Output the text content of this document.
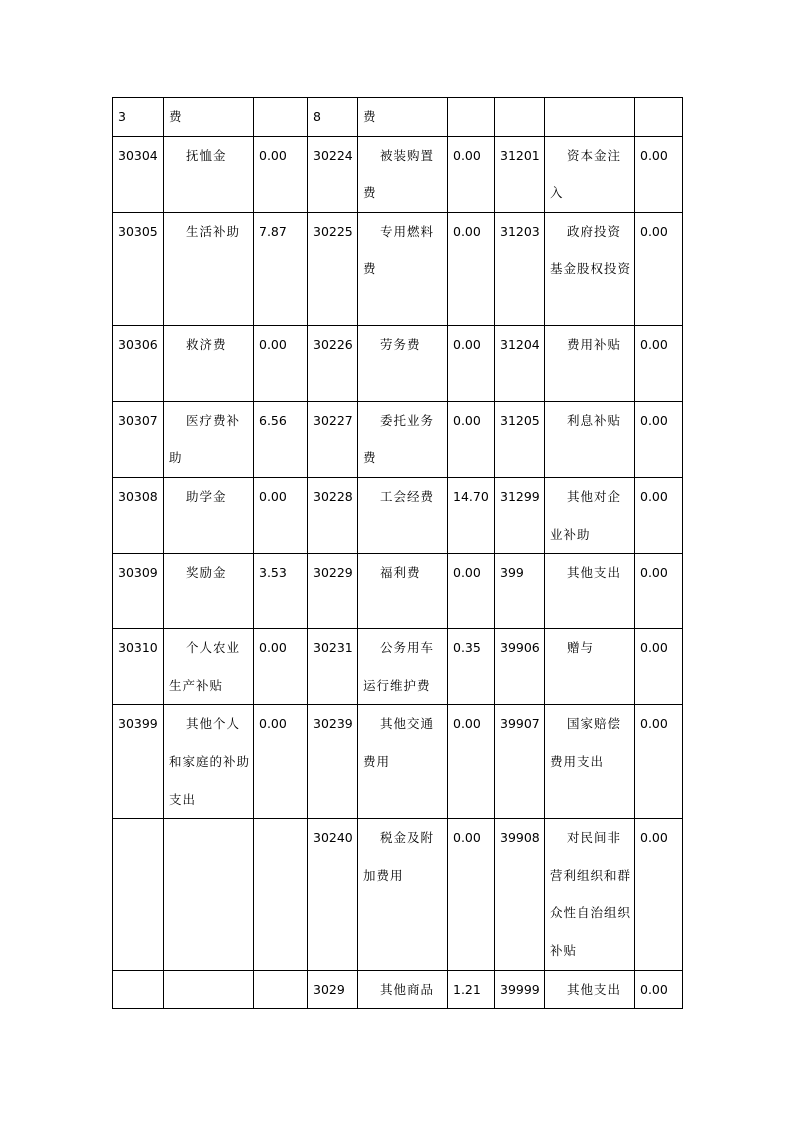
3	费		8	费				
30304	抚恤金	0.00	30224	被装购置费	0.00	31201	资本金注入	0.00
30305	生活补助	7.87	30225	专用燃料费	0.00	31203	政府投资基金股权投资	0.00
30306	救济费	0.00	30226	劳务费	0.00	31204	费用补贴	0.00
30307	医疗费补助	6.56	30227	委托业务费	0.00	31205	利息补贴	0.00
30308	助学金	0.00	30228	工会经费	14.70	31299	其他对企业补助	0.00
30309	奖励金	3.53	30229	福利费	0.00	399	其他支出	0.00
30310	个人农业生产补贴	0.00	30231	公务用车运行维护费	0.35	39906	赠与	0.00
30399	其他个人和家庭的补助支出	0.00	30239	其他交通费用	0.00	39907	国家赔偿费用支出	0.00
			30240	税金及附加费用	0.00	39908	对民间非营利组织和群众性自治组织补贴	0.00
			3029	其他商品	1.21	39999	其他支出	0.00
